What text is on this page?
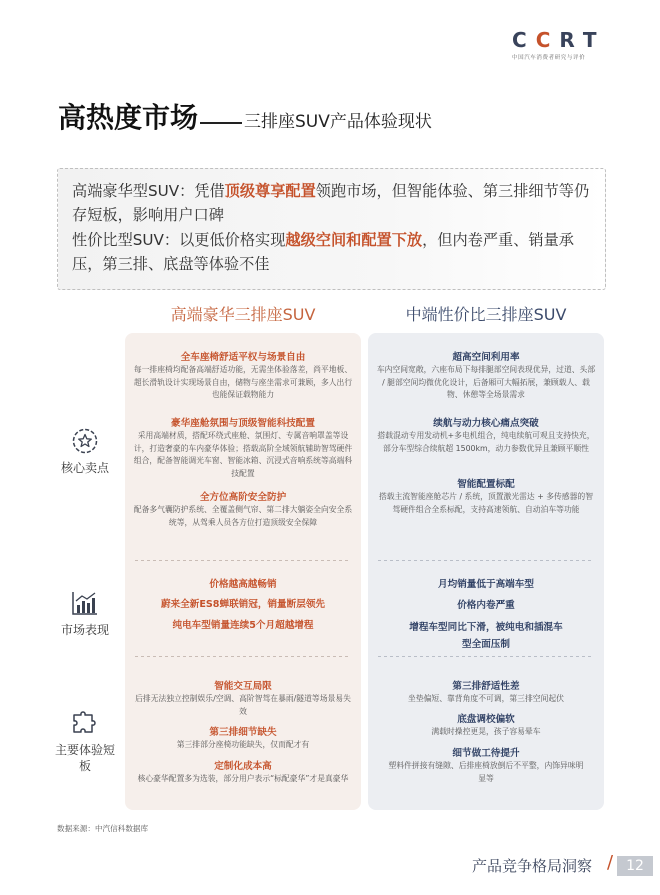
CCRT
中国汽车消费者研究与评价
高热度市场	三排座SUV产品体验现状

高端豪华型SUV：凭借顶级尊享配置领跑市场，但智能体验、第三排细节等仍存短板，影响用户口碑

性价比型SUV：以更低价格实现越级空间和配置下放，但内卷严重、销量承压，第三排、底盘等体验不佳

高端豪华三排座SUV	中端性价比三排座SUV
全车座椅舒适平权与场景自由
每一排座椅均配备高端舒适功能，无需坐体验落差，尚平地板、超长滑轨设计实现场景自由，储物与座坐需求可兼顾，多人出行也能保证载物能力
豪华座舱氛围与顶级智能科技配置
采用高端材质，搭配环绕式座舱、氛围灯、专属音响罩盖等设计，打造奢豪的车内豪华体验；搭载高阶全域领航辅助智驾硬件组合，配备智能调光车窗、智能冰箱、沉浸式音响系统等高端科技配置
全方位高阶安全防护
配备多气囊防护系统、全覆盖侧气帘、第二排大躺姿全向安全系统等，从驾乘人员各方位打造顶级安全保障
价格越高越畅销
蔚来全新ES8蝉联销冠，销量断层领先
纯电车型销量连续5个月超越增程
智能交互局限
后排无法独立控制娱乐/空调、高阶智驾在暴雨/隧道等场景易失效
第三排细节缺失
第三排部分座椅功能缺失，仅而配才有
定制化成本高
核心豪华配置多为选装，部分用户表示“标配豪华”才是真豪华
超高空间利用率
车内空间宽敞，六座布局下每排腿部空间表现优异，过道、头部 / 腿部空间均微优化设计，后备厢可大幅拓展，兼顾载人、载物、休憩等全场景需求
续航与动力核心痛点突破
搭载混动专用发动机+多电机组合，纯电续航可观且支持快充，部分车型综合续航超 1500km，动力参数优异且兼顾平顺性
智能配置标配
搭载主流智能座舱芯片 / 系统，顶置激光雷达 + 多传感器的智驾硬件组合全系标配，支持高速领航、自动泊车等功能
月均销量低于高端车型
价格内卷严重
增程车型同比下滑，被纯电和插混车型全面压制
第三排舒适性差
坐垫偏短、靠背角度不可调，第三排空间起伏
底盘调校偏软
满载时操控更晃，孩子容易晕车
细节做工待提升
塑料件拼接有缝隙、后排座椅放倒后不平整，内饰异味明显等
核心卖点
市场表现
主要体验短板
数据来源：中汽信科数据库
产品竞争格局洞察 / 12
